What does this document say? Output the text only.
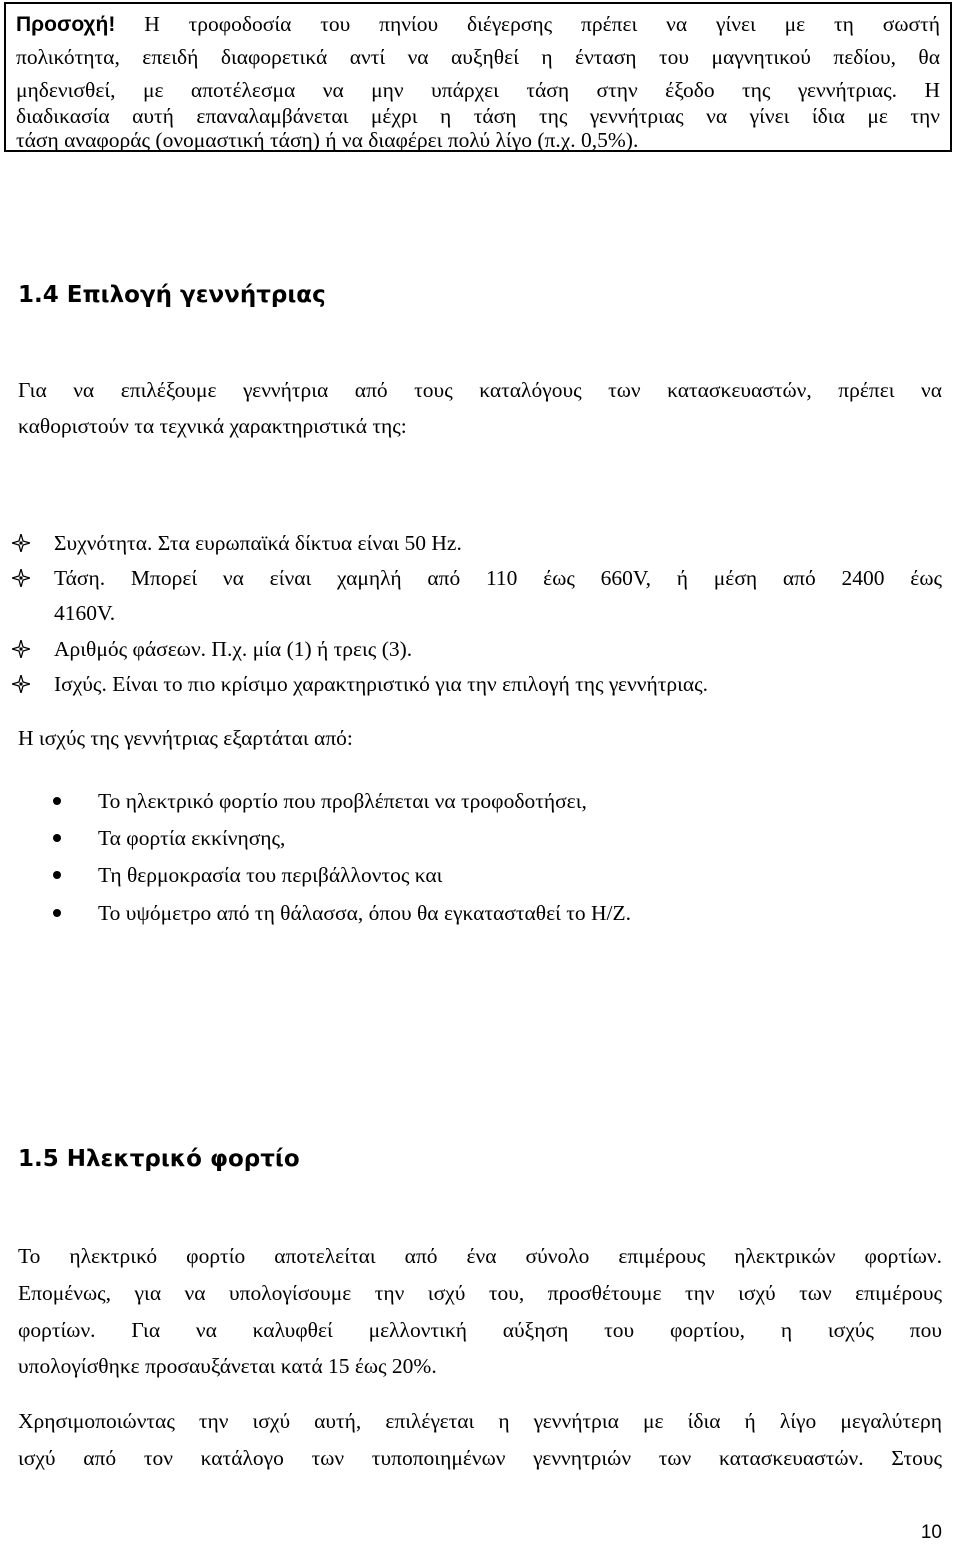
Προσοχή! Η τροφοδοσία του πηνίου διέγερσης πρέπει να γίνει με τη σωστή
πολικότητα, επειδή διαφορετικά αντί να αυξηθεί η ένταση του μαγνητικού πεδίου, θα
μηδενισθεί, με αποτέλεσμα να μην υπάρχει τάση στην έξοδο της γεννήτριας. Η
διαδικασία αυτή επαναλαμβάνεται μέχρι η τάση της γεννήτριας να γίνει ίδια με την
τάση αναφοράς (ονομαστική τάση) ή να διαφέρει πολύ λίγο (π.χ. 0,5%).
1.4 Επιλογή γεννήτριας
Για να επιλέξουμε γεννήτρια από τους καταλόγους των κατασκευαστών, πρέπει να
καθοριστούν τα τεχνικά χαρακτηριστικά της:
Συχνότητα. Στα ευρωπαϊκά δίκτυα είναι 50 Hz.
Τάση. Μπορεί να είναι χαμηλή από 110 έως 660V, ή μέση από 2400 έως
4160V.
Αριθμός φάσεων. Π.χ. μία (1) ή τρεις (3).
Ισχύς. Είναι το πιο κρίσιμο χαρακτηριστικό για την επιλογή της γεννήτριας.
Η ισχύς της γεννήτριας εξαρτάται από:
Το ηλεκτρικό φορτίο που προβλέπεται να τροφοδοτήσει,
Τα φορτία εκκίνησης,
Τη θερμοκρασία του περιβάλλοντος και
Το υψόμετρο από τη θάλασσα, όπου θα εγκατασταθεί το Η/Ζ.
1.5 Ηλεκτρικό φορτίο
Το ηλεκτρικό φορτίο αποτελείται από ένα σύνολο επιμέρους ηλεκτρικών φορτίων.
Επομένως, για να υπολογίσουμε την ισχύ του, προσθέτουμε την ισχύ των επιμέρους
φορτίων. Για να καλυφθεί μελλοντική αύξηση του φορτίου, η ισχύς που
υπολογίσθηκε προσαυξάνεται κατά 15 έως 20%.
Χρησιμοποιώντας την ισχύ αυτή, επιλέγεται η γεννήτρια με ίδια ή λίγο μεγαλύτερη
ισχύ από τον κατάλογο των τυποποιημένων γεννητριών των κατασκευαστών. Στους
10
